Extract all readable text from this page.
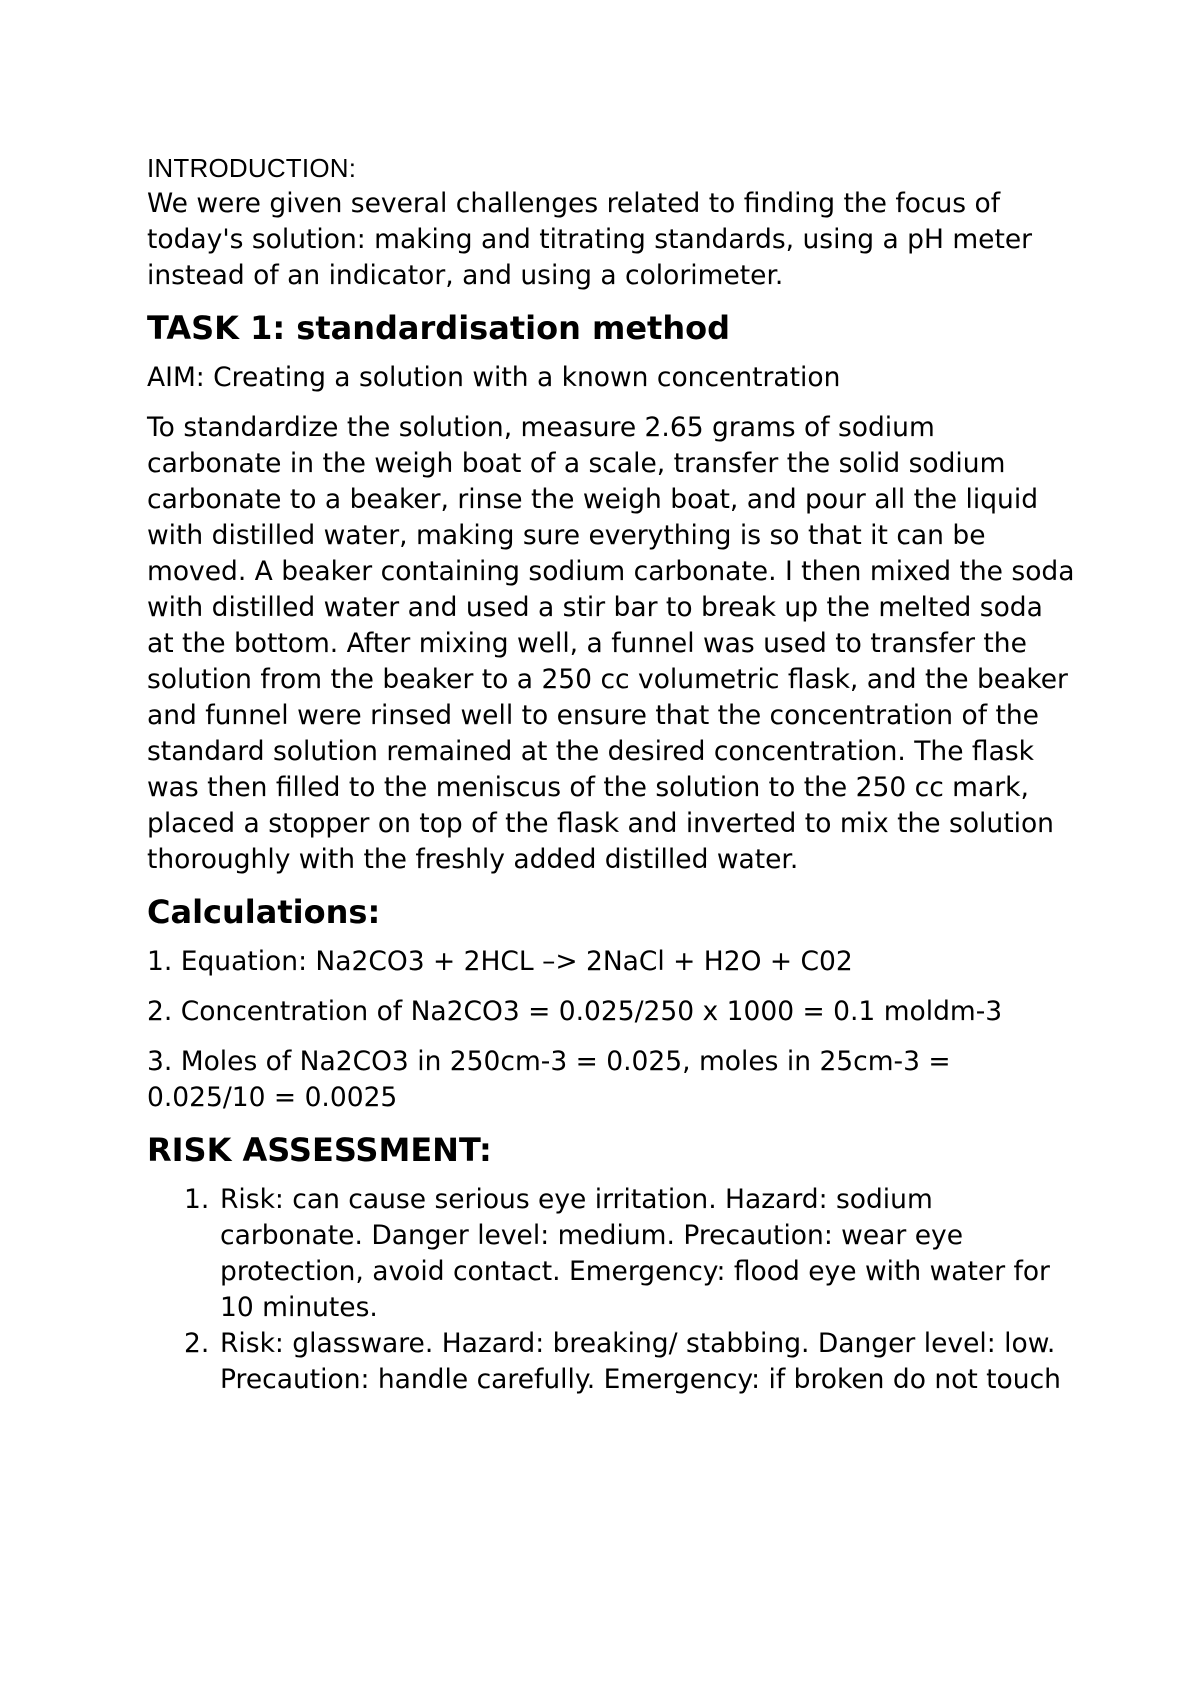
INTRODUCTION:

We were given several challenges related to finding the focus of today's solution: making and titrating standards, using a pH meter instead of an indicator, and using a colorimeter.

TASK 1: standardisation method

AIM: Creating a solution with a known concentration

To standardize the solution, measure 2.65 grams of sodium carbonate in the weigh boat of a scale, transfer the solid sodium carbonate to a beaker, rinse the weigh boat, and pour all the liquid with distilled water, making sure everything is so that it can be moved. A beaker containing sodium carbonate. I then mixed the soda with distilled water and used a stir bar to break up the melted soda at the bottom. After mixing well, a funnel was used to transfer the solution from the beaker to a 250 cc volumetric flask, and the beaker and funnel were rinsed well to ensure that the concentration of the standard solution remained at the desired concentration. The flask was then filled to the meniscus of the solution to the 250 cc mark, placed a stopper on top of the flask and inverted to mix the solution thoroughly with the freshly added distilled water.

Calculations:

1. Equation: Na2CO3 + 2HCL –> 2NaCl + H2O + C02

2. Concentration of Na2CO3 = 0.025/250 x 1000 = 0.1 moldm-3

3. Moles of Na2CO3 in 250cm-3 = 0.025, moles in 25cm-3 = 0.025/10 = 0.0025

RISK ASSESSMENT:
1. Risk: can cause serious eye irritation. Hazard: sodium carbonate. Danger level: medium. Precaution: wear eye protection, avoid contact. Emergency: flood eye with water for 10 minutes.
2. Risk: glassware. Hazard: breaking/ stabbing. Danger level: low. Precaution: handle carefully. Emergency: if broken do not touch
